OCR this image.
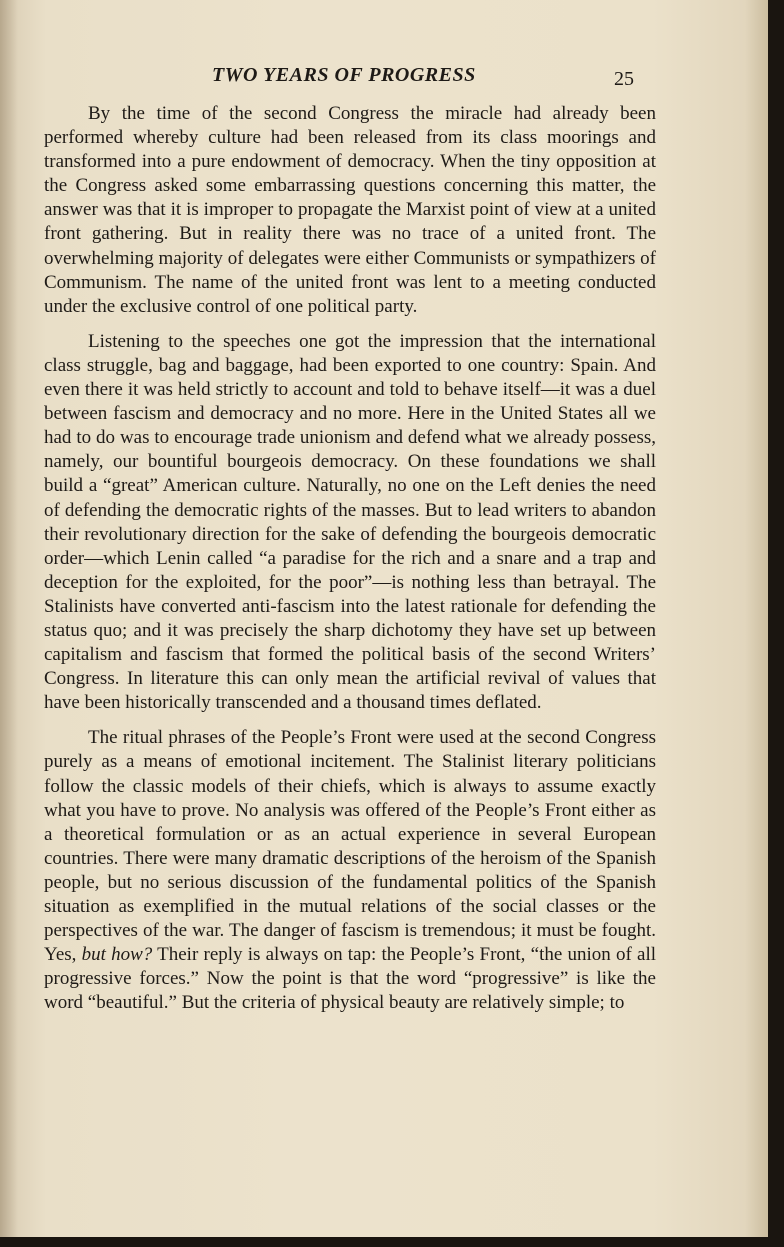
TWO YEARS OF PROGRESS	25

By the time of the second Congress the miracle had already been performed whereby culture had been released from its class moorings and transformed into a pure endowment of democracy. When the tiny opposition at the Congress asked some embarrassing questions concerning this matter, the answer was that it is improper to propagate the Marxist point of view at a united front gathering. But in reality there was no trace of a united front. The overwhelming majority of delegates were either Communists or sympathizers of Communism. The name of the united front was lent to a meeting conducted under the exclusive control of one political party.

Listening to the speeches one got the impression that the international class struggle, bag and baggage, had been exported to one country: Spain. And even there it was held strictly to account and told to behave itself—it was a duel between fascism and democracy and no more. Here in the United States all we had to do was to encourage trade unionism and defend what we already possess, namely, our bountiful bourgeois democracy. On these foundations we shall build a “great” American culture. Naturally, no one on the Left denies the need of defending the democratic rights of the masses. But to lead writers to abandon their revolutionary direction for the sake of defending the bourgeois democratic order—which Lenin called “a paradise for the rich and a snare and a trap and deception for the exploited, for the poor”—is nothing less than betrayal. The Stalinists have converted anti-fascism into the latest rationale for defending the status quo; and it was precisely the sharp dichotomy they have set up between capitalism and fascism that formed the political basis of the second Writers’ Congress. In literature this can only mean the artificial revival of values that have been historically transcended and a thousand times deflated.

The ritual phrases of the People’s Front were used at the second Congress purely as a means of emotional incitement. The Stalinist literary politicians follow the classic models of their chiefs, which is always to assume exactly what you have to prove. No analysis was offered of the People’s Front either as a theoretical formulation or as an actual experience in several European countries. There were many dramatic descriptions of the heroism of the Spanish people, but no serious discussion of the fundamental politics of the Spanish situation as exemplified in the mutual relations of the social classes or the perspectives of the war. The danger of fascism is tremendous; it must be fought. Yes, but how? Their reply is always on tap: the People’s Front, “the union of all progressive forces.” Now the point is that the word “progressive” is like the word “beautiful.” But the criteria of physical beauty are relatively simple; to
